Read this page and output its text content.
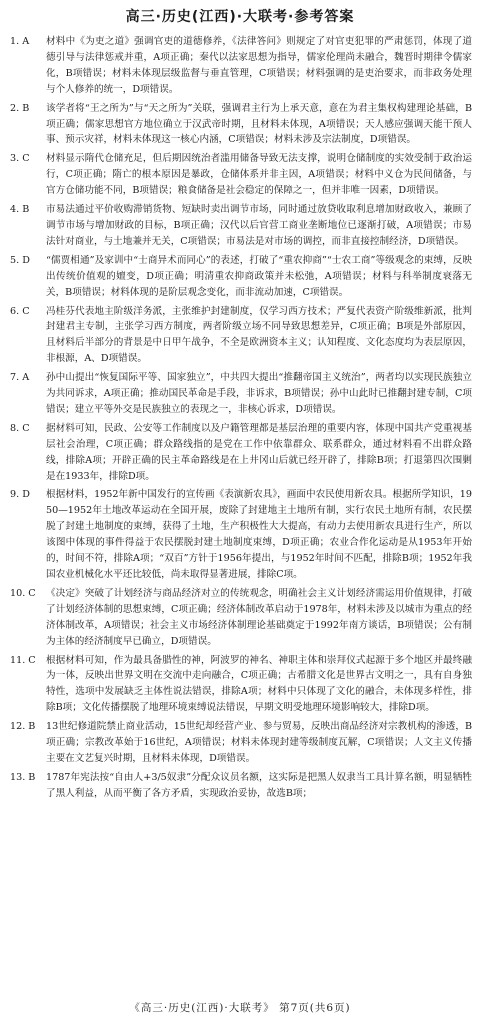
高三·历史(江西)·大联考·参考答案
1. A	材料中《为吏之道》强调官吏的道德修养，《法律答问》则规定了对官吏犯罪的严肃惩罚，体现了道德引导与法律惩戒并重，A项正确；秦代以法家思想为指导，儒家伦理尚未融合，魏晋时期律令儒家化，B项错误；材料未体现层级监督与垂直管理，C项错误；材料强调的是吏治要求，而非政务处理与个人修养的统一，D项错误。
2. B	该学者将“王之所为”与“天之所为”关联，强调君主行为上承天意，意在为君主集权构建理论基础，B项正确；儒家思想官方地位确立于汉武帝时期，且材料未体现，A项错误；天人感应强调天能干预人事、预示灾祥，材料未体现这一核心内涵，C项错误；材料未涉及宗法制度，D项错误。
3. C	材料显示隋代仓储充足，但后期因统治者滥用储备导致无法支撑，说明仓储制度的实效受制于政治运行，C项正确；隋亡的根本原因是暴政，仓储体系并非主因，A项错误；材料中义仓为民间储备，与官方仓储功能不同，B项错误；粮食储备是社会稳定的保障之一，但并非唯一因素，D项错误。
4. B	市易法通过平价收购滞销货物、短缺时卖出调节市场，同时通过放贷收取利息增加财政收入，兼顾了调节市场与增加财政的目标，B项正确；汉代以后官营工商业垄断地位已逐渐打破，A项错误；市易法针对商业，与土地兼并无关，C项错误；市易法是对市场的调控，而非直接控制经济，D项错误。
5. D	“儒贾相通”及家训中“士商异术而同心”的表述，打破了“重农抑商”“士农工商”等级观念的束缚，反映出传统价值观的嬗变，D项正确；明清重农抑商政策并未松弛，A项错误；材料与科举制度衰落无关，B项错误；材料体现的是阶层观念变化，而非流动加速，C项错误。
6. C	冯桂芬代表地主阶级洋务派，主张维护封建制度，仅学习西方技术；严复代表资产阶级维新派，批判封建君主专制，主张学习西方制度，两者阶级立场不同导致思想差异，C项正确；B项是外部原因，且材料后半部分的背景是中日甲午战争，不全是欧洲资本主义；认知程度、文化态度均为表层原因，非根源，A、D项错误。
7. A	孙中山提出“恢复国际平等、国家独立”，中共四大提出“推翻帝国主义统治”，两者均以实现民族独立为共同诉求，A项正确；推动国民革命是手段，非诉求，B项错误；孙中山此时已推翻封建专制，C项错误；建立平等外交是民族独立的表现之一，非核心诉求，D项错误。
8. C	据材料可知，民政、公安等工作制度以及户籍管理都是基层治理的重要内容，体现中国共产党重视基层社会治理，C项正确；群众路线指的是党在工作中依靠群众、联系群众，通过材料看不出群众路线，排除A项；开辟正确的民主革命路线是在上井冈山后就已经开辟了，排除B项；打退第四次围剿是在1933年，排除D项。
9. D	根据材料，1952年新中国发行的宣传画《表演新农具》，画面中农民使用新农具。根据所学知识，1950—1952年土地改革运动在全国开展，废除了封建地主土地所有制，实行农民土地所有制，农民摆脱了封建土地制度的束缚，获得了土地，生产积极性大大提高，有动力去使用新农具进行生产，所以该图中体现的事件得益于农民摆脱封建土地制度束缚，D项正确；农业合作化运动是从1953年开始的，时间不符，排除A项；“双百”方针于1956年提出，与1952年时间不匹配，排除B项；1952年我国农业机械化水平还比较低，尚未取得显著进展，排除C项。
10. C	《决定》突破了计划经济与商品经济对立的传统观念，明确社会主义计划经济需运用价值规律，打破了计划经济体制的思想束缚，C项正确；经济体制改革启动于1978年，材料未涉及以城市为重点的经济体制改革，A项错误；社会主义市场经济体制理论基础奠定于1992年南方谈话，B项错误；公有制为主体的经济制度早已确立，D项错误。
11. C	根据材料可知，作为最具备腊性的神，阿波罗的神名、神职主体和崇拜仪式起源于多个地区并最终融为一体，反映出世界文明在交流中走向融合，C项正确；古希腊文化是世界古文明之一，具有自身独特性，选项中发展缺乏主体性说法错误，排除A项；材料中只体现了文化的融合，未体现多样性，排除B项；文化传播摆脱了地理环境束缚说法错误，早期文明受地理环境影响较大，排除D项。
12. B	13世纪修道院禁止商业活动，15世纪却经营产业、参与贸易，反映出商品经济对宗教机构的渗透，B项正确；宗教改革始于16世纪，A项错误；材料未体现封建等级制度瓦解，C项错误；人文主义传播主要在文艺复兴时期，且材料未体现，D项错误。
13. B	1787年宪法按“自由人+3/5奴隶”分配众议员名额，这实际是把黑人奴隶当工具计算名额，明显牺牲了黑人利益，从而平衡了各方矛盾，实现政治妥协，故选B项；
《高三·历史(江西)·大联考》 第7页(共6页)
